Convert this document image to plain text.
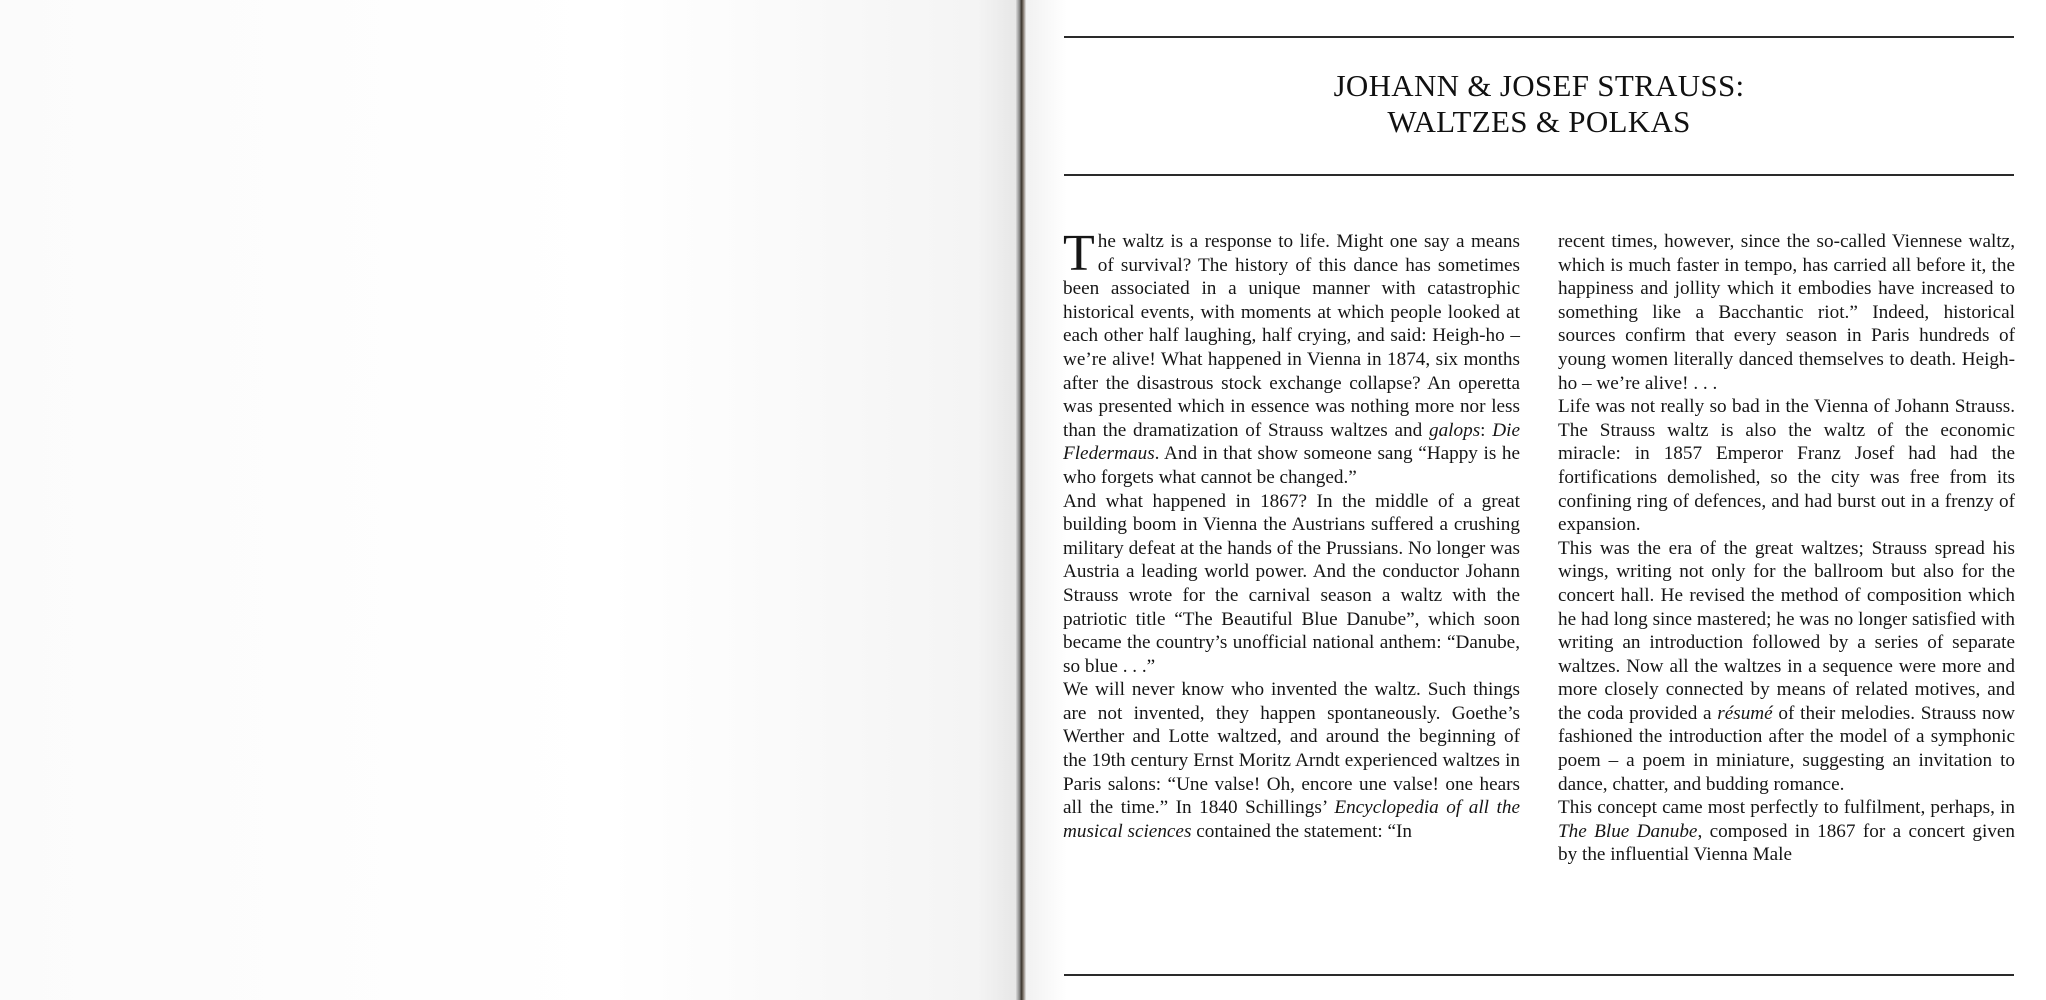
JOHANN & JOSEF STRAUSS:
WALTZES & POLKAS

The waltz is a response to life. Might one say a means of survival? The history of this dance has sometimes been associated in a unique manner with catastrophic historical events, with moments at which people looked at each other half laughing, half crying, and said: Heigh-ho – we’re alive! What happened in Vienna in 1874, six months after the disastrous stock exchange collapse? An operetta was presented which in essence was nothing more nor less than the dramatization of Strauss waltzes and galops: Die Fledermaus. And in that show someone sang “Happy is he who forgets what cannot be changed.”

And what happened in 1867? In the middle of a great building boom in Vienna the Austrians suffered a crushing military defeat at the hands of the Prussians. No longer was Austria a leading world power. And the conductor Johann Strauss wrote for the carnival season a waltz with the patriotic title “The Beautiful Blue Danube”, which soon became the country’s unofficial national anthem: “Danube, so blue . . .”

We will never know who invented the waltz. Such things are not invented, they happen spontaneously. Goethe’s Werther and Lotte waltzed, and around the beginning of the 19th century Ernst Moritz Arndt experienced waltzes in Paris salons: “Une valse! Oh, encore une valse! one hears all the time.” In 1840 Schillings’ Encyclopedia of all the musical sciences contained the statement: “In

recent times, however, since the so-called Viennese waltz, which is much faster in tempo, has carried all before it, the happiness and jollity which it embodies have increased to something like a Bacchantic riot.” Indeed, historical sources confirm that every season in Paris hundreds of young women literally danced themselves to death. Heigh-ho – we’re alive! . . .

Life was not really so bad in the Vienna of Johann Strauss. The Strauss waltz is also the waltz of the economic miracle: in 1857 Emperor Franz Josef had had the fortifications demolished, so the city was free from its confining ring of defences, and had burst out in a frenzy of expansion.

This was the era of the great waltzes; Strauss spread his wings, writing not only for the ballroom but also for the concert hall. He revised the method of composition which he had long since mastered; he was no longer satisfied with writing an introduction followed by a series of separate waltzes. Now all the waltzes in a sequence were more and more closely connected by means of related motives, and the coda provided a résumé of their melodies. Strauss now fashioned the introduction after the model of a symphonic poem – a poem in miniature, suggesting an invitation to dance, chatter, and budding romance.

This concept came most perfectly to fulfilment, perhaps, in The Blue Danube, composed in 1867 for a concert given by the influential Vienna Male
